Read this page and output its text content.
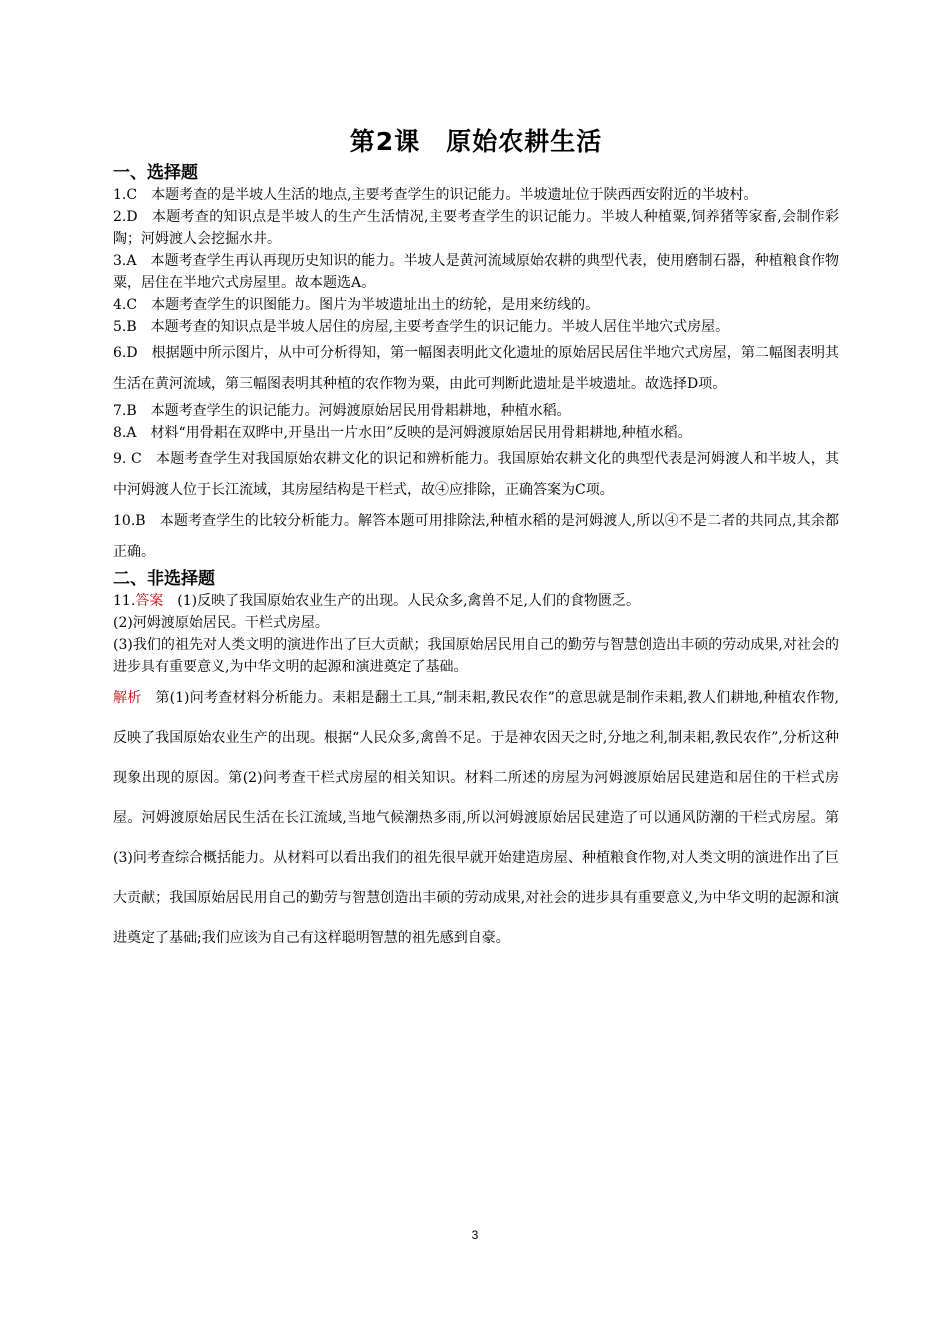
第2课　原始农耕生活
一、选择题

1.C 本题考查的是半坡人生活的地点,主要考查学生的识记能力。半坡遗址位于陕西西安附近的半坡村。

2.D 本题考查的知识点是半坡人的生产生活情况,主要考查学生的识记能力。半坡人种植粟,饲养猪等家畜,会制作彩陶；河姆渡人会挖掘水井。

3.A 本题考查学生再认再现历史知识的能力。半坡人是黄河流域原始农耕的典型代表，使用磨制石器，种植粮食作物粟，居住在半地穴式房屋里。故本题选A。

4.C 本题考查学生的识图能力。图片为半坡遗址出土的纺轮，是用来纺线的。

5.B 本题考查的知识点是半坡人居住的房屋,主要考查学生的识记能力。半坡人居住半地穴式房屋。

6.D 根据题中所示图片，从中可分析得知，第一幅图表明此文化遗址的原始居民居住半地穴式房屋，第二幅图表明其生活在黄河流域，第三幅图表明其种植的农作物为粟，由此可判断此遗址是半坡遗址。故选择D项。

7.B 本题考查学生的识记能力。河姆渡原始居民用骨耜耕地，种植水稻。

8.A 材料“用骨耜在双晔中,开垦出一片水田”反映的是河姆渡原始居民用骨耜耕地,种植水稻。

9. C 本题考查学生对我国原始农耕文化的识记和辨析能力。我国原始农耕文化的典型代表是河姆渡人和半坡人，其中河姆渡人位于长江流域，其房屋结构是干栏式，故④应排除，正确答案为C项。

10.B 本题考查学生的比较分析能力。解答本题可用排除法,种植水稻的是河姆渡人,所以④不是二者的共同点,其余都正确。

二、非选择题

11.答案 (1)反映了我国原始农业生产的出现。人民众多,禽兽不足,人们的食物匮乏。

(2)河姆渡原始居民。干栏式房屋。

(3)我们的祖先对人类文明的演进作出了巨大贡献；我国原始居民用自己的勤劳与智慧创造出丰硕的劳动成果,对社会的进步具有重要意义,为中华文明的起源和演进奠定了基础。

解析 第(1)问考查材料分析能力。耒耜是翻土工具,“制耒耜,教民农作”的意思就是制作耒耜,教人们耕地,种植农作物,反映了我国原始农业生产的出现。根据“人民众多,禽兽不足。于是神农因天之时,分地之利,制耒耜,教民农作”,分析这种现象出现的原因。第(2)问考查干栏式房屋的相关知识。材料二所述的房屋为河姆渡原始居民建造和居住的干栏式房屋。河姆渡原始居民生活在长江流域,当地气候潮热多雨,所以河姆渡原始居民建造了可以通风防潮的干栏式房屋。第(3)问考查综合概括能力。从材料可以看出我们的祖先很早就开始建造房屋、种植粮食作物,对人类文明的演进作出了巨大贡献；我国原始居民用自己的勤劳与智慧创造出丰硕的劳动成果,对社会的进步具有重要意义,为中华文明的起源和演进奠定了基础;我们应该为自己有这样聪明智慧的祖先感到自豪。

3
